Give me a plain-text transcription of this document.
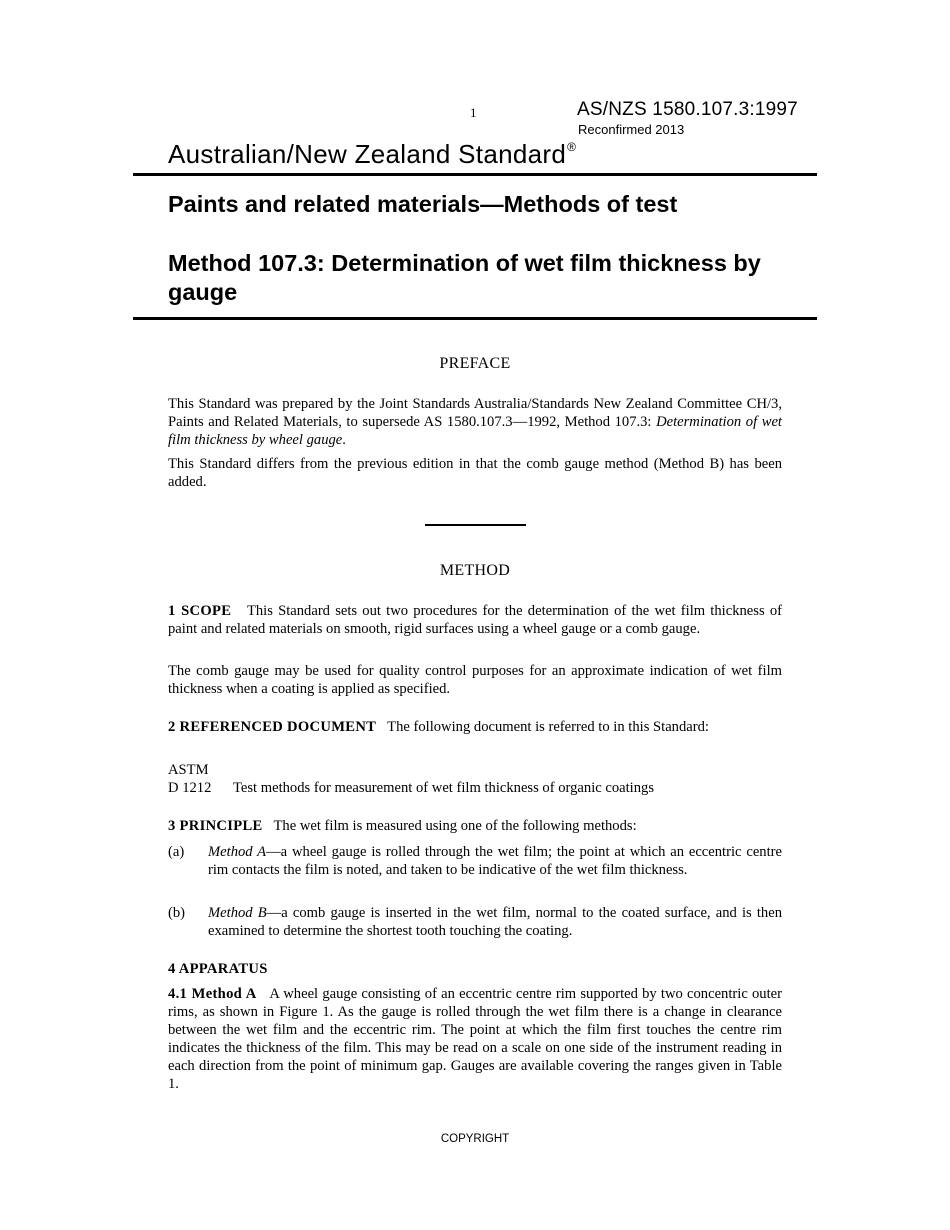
1	AS/NZS 1580.107.3:1997
Reconfirmed 2013
Australian/New Zealand Standard®
Paints and related materials—Methods of test
Method 107.3: Determination of wet film thickness by gauge
PREFACE
This Standard was prepared by the Joint Standards Australia/Standards New Zealand Committee CH/3, Paints and Related Materials, to supersede AS 1580.107.3—1992, Method 107.3: Determination of wet film thickness by wheel gauge.
This Standard differs from the previous edition in that the comb gauge method (Method B) has been added.
METHOD
1 SCOPE This Standard sets out two procedures for the determination of the wet film thickness of paint and related materials on smooth, rigid surfaces using a wheel gauge or a comb gauge.
The comb gauge may be used for quality control purposes for an approximate indication of wet film thickness when a coating is applied as specified.
2 REFERENCED DOCUMENT The following document is referred to in this Standard:
ASTM
D 1212 Test methods for measurement of wet film thickness of organic coatings
3 PRINCIPLE The wet film is measured using one of the following methods:
(a) Method A—a wheel gauge is rolled through the wet film; the point at which an eccentric centre rim contacts the film is noted, and taken to be indicative of the wet film thickness.
(b) Method B—a comb gauge is inserted in the wet film, normal to the coated surface, and is then examined to determine the shortest tooth touching the coating.
4 APPARATUS
4.1 Method A A wheel gauge consisting of an eccentric centre rim supported by two concentric outer rims, as shown in Figure 1. As the gauge is rolled through the wet film there is a change in clearance between the wet film and the eccentric rim. The point at which the film first touches the centre rim indicates the thickness of the film. This may be read on a scale on one side of the instrument reading in each direction from the point of minimum gap. Gauges are available covering the ranges given in Table 1.
COPYRIGHT
